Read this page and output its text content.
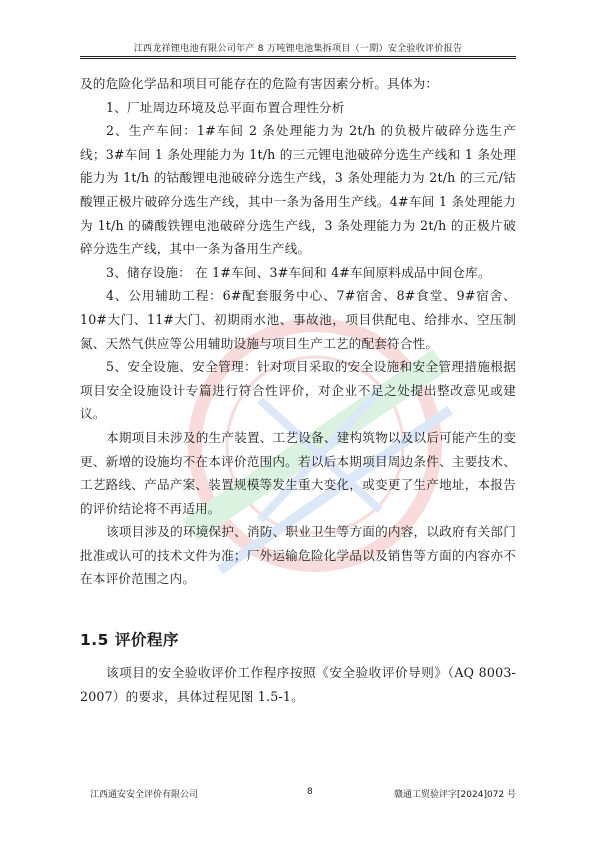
江西龙祥锂电池有限公司年产 8 万吨锂电池集拆项目（一期）安全验收评价报告

及的危险化学品和项目可能存在的危险有害因素分析。具体为：

1、厂址周边环境及总平面布置合理性分析

2、生产车间：1#车间 2 条处理能力为 2t/h 的负极片破碎分选生产线；3#车间 1 条处理能力为 1t/h 的三元锂电池破碎分选生产线和 1 条处理能力为 1t/h 的钴酸锂电池破碎分选生产线，3 条处理能力为 2t/h 的三元/钴酸锂正极片破碎分选生产线，其中一条为备用生产线。4#车间 1 条处理能力为 1t/h 的磷酸铁锂电池破碎分选生产线，3 条处理能力为 2t/h 的正极片破碎分选生产线，其中一条为备用生产线。

3、储存设施： 在 1#车间、3#车间和 4#车间原料成品中间仓库。

4、公用辅助工程：6#配套服务中心、7#宿舍、8#食堂、9#宿舍、10#大门、11#大门、初期雨水池、事故池，项目供配电、给排水、空压制氮、天然气供应等公用辅助设施与项目生产工艺的配套符合性。

5、安全设施、安全管理：针对项目采取的安全设施和安全管理措施根据项目安全设施设计专篇进行符合性评价，对企业不足之处提出整改意见或建议。

本期项目未涉及的生产装置、工艺设备、建构筑物以及以后可能产生的变更、新增的设施均不在本评价范围内。若以后本期项目周边条件、主要技术、工艺路线、产品产案、装置规模等发生重大变化，或变更了生产地址，本报告的评价结论将不再适用。

该项目涉及的环境保护、消防、职业卫生等方面的内容，以政府有关部门批准或认可的技术文件为准；厂外运输危险化学品以及销售等方面的内容亦不在本评价范围之内。

1.5 评价程序

该项目的安全验收评价工作程序按照《安全验收评价导则》（AQ 8003-2007）的要求，具体过程见图 1.5-1。

江西通安安全评价有限公司	8	赣通工贸验评字[2024]072 号
